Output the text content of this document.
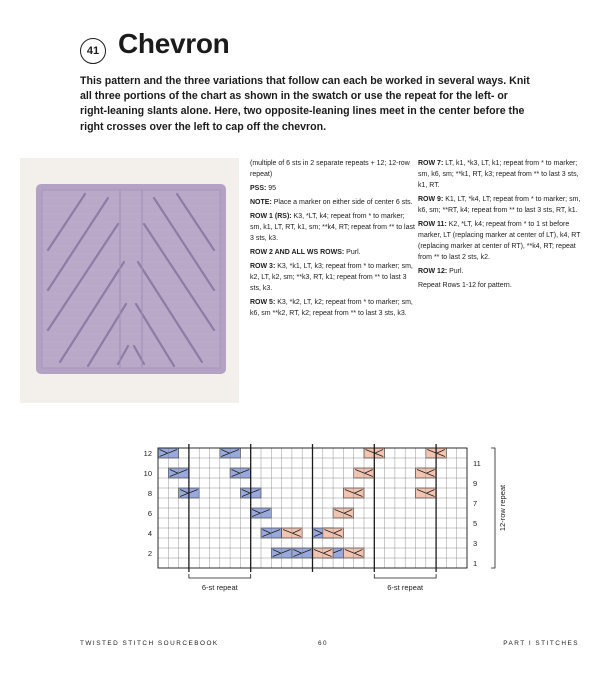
41 Chevron
This pattern and the three variations that follow can each be worked in several ways. Knit all three portions of the chart as shown in the swatch or use the repeat for the left- or right-leaning slants alone. Here, two opposite-leaning lines meet in the center before the right crosses over the left to cap off the chevron.

(multiple of 6 sts in 2 separate repeats + 12; 12-row repeat)

PSS: 95

NOTE: Place a marker on either side of center 6 sts.

ROW 1 (RS): K3, *LT, k4; repeat from * to marker; sm, k1, LT, RT, k1, sm; **k4, RT; repeat from ** to last 3 sts, k3.

ROW 2 AND ALL WS ROWS: Purl.

ROW 3: K3, *k1, LT, k3; repeat from * to marker; sm, k2, LT, k2, sm; **k3, RT, k1; repeat from ** to last 3 sts, k3.

ROW 5: K3, *k2, LT, k2; repeat from * to marker; sm, k6, sm **k2, RT, k2; repeat from ** to last 3 sts, k3.

ROW 7: LT, k1, *k3, LT, k1; repeat from * to marker; sm, k6, sm; **k1, RT, k3; repeat from ** to last 3 sts, k1, RT.

ROW 9: K1, LT, *k4, LT; repeat from * to marker; sm, k6, sm; **RT, k4; repeat from ** to last 3 sts, RT, k1.

ROW 11: K2, *LT, k4; repeat from * to 1 st before marker, LT (replacing marker at center of LT), k4, RT (replacing marker at center of RT), **k4, RT; repeat from ** to last 2 sts, k2.

ROW 12: Purl.

Repeat Rows 1-12 for pattern.

12
10
8
6
4
2
11
9
7
5
3
1
6-st repeat	6-st repeat
12-row repeat
TWISTED STITCH SOURCEBOOK	60	PART I STITCHES
